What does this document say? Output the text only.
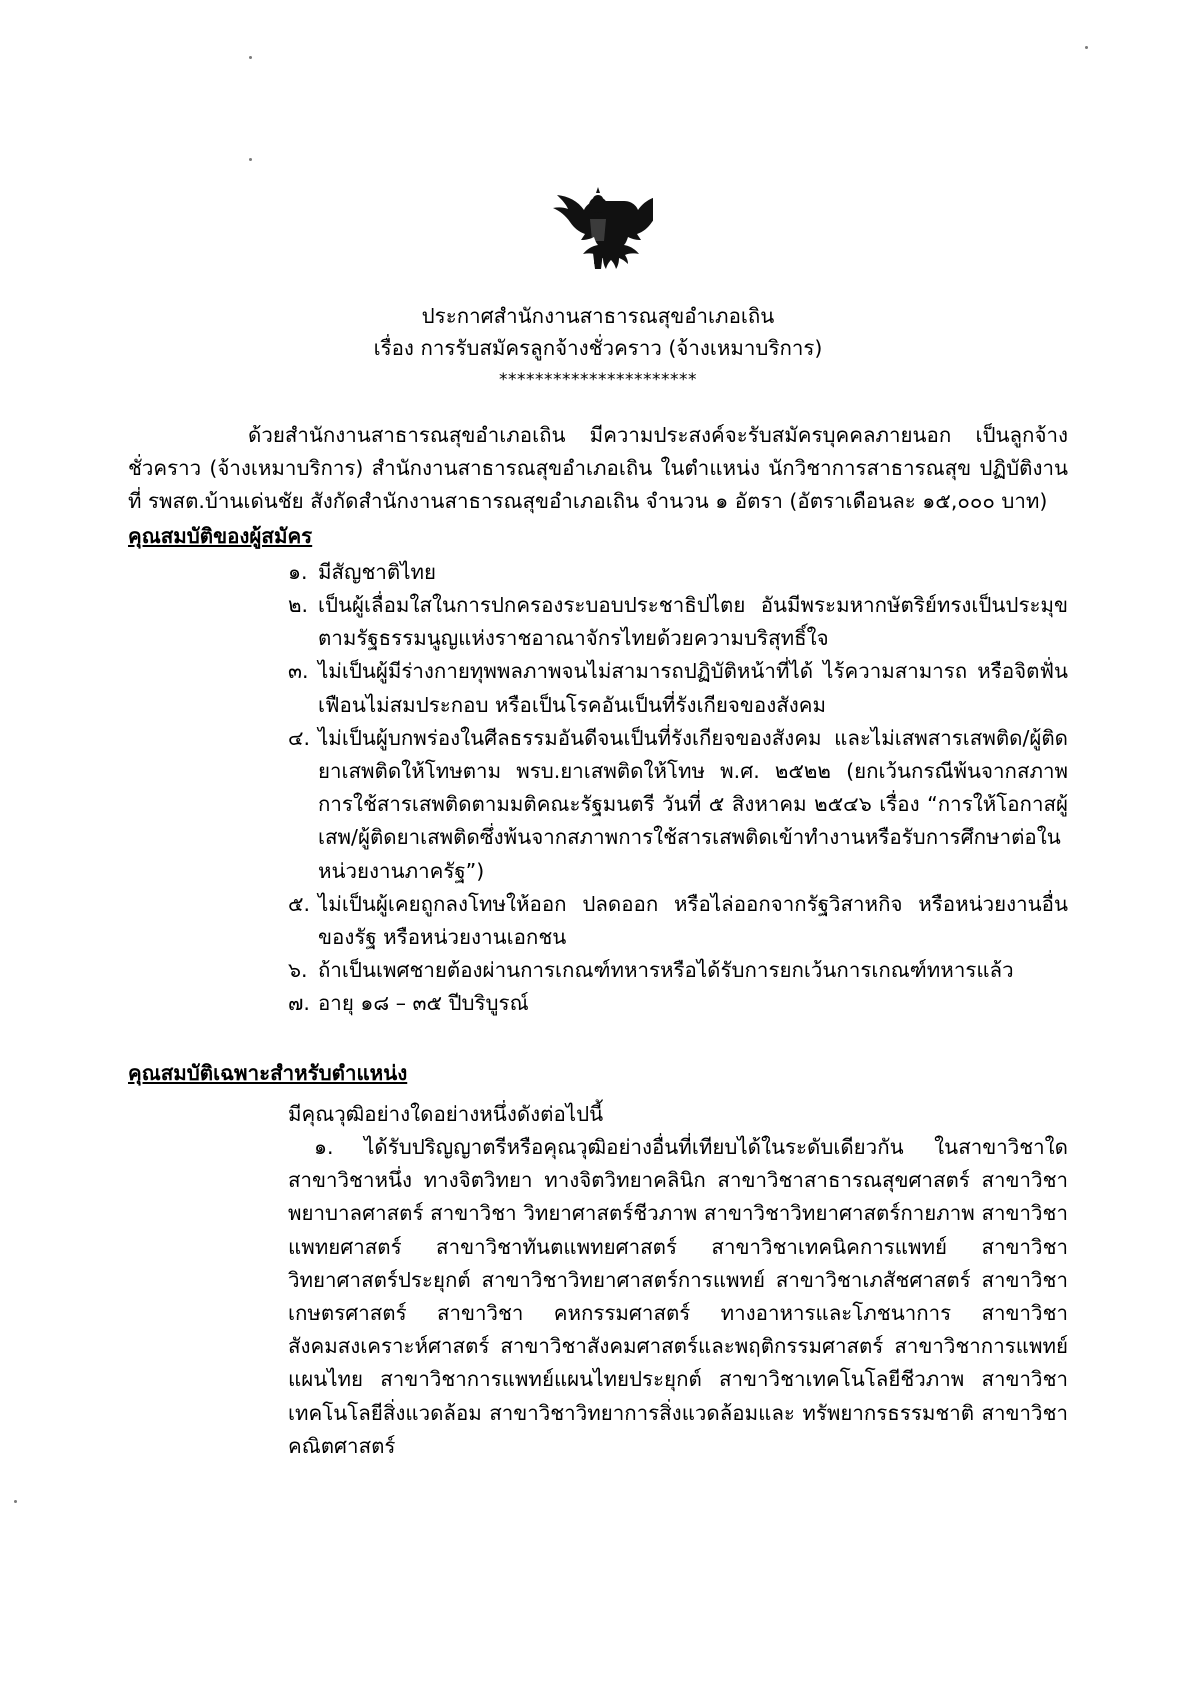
ประกาศสำนักงานสาธารณสุขอำเภอเถิน
เรื่อง การรับสมัครลูกจ้างชั่วคราว (จ้างเหมาบริการ)
**********************

ด้วยสำนักงานสาธารณสุขอำเภอเถิน มีความประสงค์จะรับสมัครบุคคลภายนอก เป็นลูกจ้างชั่วคราว (จ้างเหมาบริการ) สำนักงานสาธารณสุขอำเภอเถิน ในตำแหน่ง นักวิชาการสาธารณสุข ปฏิบัติงานที่ รพสต.บ้านเด่นชัย สังกัดสำนักงานสาธารณสุขอำเภอเถิน จำนวน ๑ อัตรา (อัตราเดือนละ ๑๕,๐๐๐ บาท)

คุณสมบัติของผู้สมัคร
๑. มีสัญชาติไทย
๒. เป็นผู้เลื่อมใสในการปกครองระบอบประชาธิปไตย อันมีพระมหากษัตริย์ทรงเป็นประมุขตามรัฐธรรมนูญแห่งราชอาณาจักรไทยด้วยความบริสุทธิ์ใจ
๓. ไม่เป็นผู้มีร่างกายทุพพลภาพจนไม่สามารถปฏิบัติหน้าที่ได้ ไร้ความสามารถ หรือจิตฟั่นเฟือนไม่สมประกอบ หรือเป็นโรคอันเป็นที่รังเกียจของสังคม
๔. ไม่เป็นผู้บกพร่องในศีลธรรมอันดีจนเป็นที่รังเกียจของสังคม และไม่เสพสารเสพติด/ผู้ติดยาเสพติดให้โทษตาม พรบ.ยาเสพติดให้โทษ พ.ศ. ๒๕๒๒ (ยกเว้นกรณีพ้นจากสภาพการใช้สารเสพติดตามมติคณะรัฐมนตรี วันที่ ๕ สิงหาคม ๒๕๔๖ เรื่อง “การให้โอกาสผู้เสพ/ผู้ติดยาเสพติดซึ่งพ้นจากสภาพการใช้สารเสพติดเข้าทำงานหรือรับการศึกษาต่อในหน่วยงานภาครัฐ”)
๕. ไม่เป็นผู้เคยถูกลงโทษให้ออก ปลดออก หรือไล่ออกจากรัฐวิสาหกิจ หรือหน่วยงานอื่นของรัฐ หรือหน่วยงานเอกชน
๖. ถ้าเป็นเพศชายต้องผ่านการเกณฑ์ทหารหรือได้รับการยกเว้นการเกณฑ์ทหารแล้ว
๗. อายุ ๑๘ – ๓๕ ปีบริบูรณ์
คุณสมบัติเฉพาะสำหรับตำแหน่ง

มีคุณวุฒิอย่างใดอย่างหนึ่งดังต่อไปนี้

๑. ได้รับปริญญาตรีหรือคุณวุฒิอย่างอื่นที่เทียบได้ในระดับเดียวกัน ในสาขาวิชาใดสาขาวิชาหนึ่ง ทางจิตวิทยา ทางจิตวิทยาคลินิก สาขาวิชาสาธารณสุขศาสตร์ สาขาวิชาพยาบาลศาสตร์ สาขาวิชา วิทยาศาสตร์ชีวภาพ สาขาวิชาวิทยาศาสตร์กายภาพ สาขาวิชาแพทยศาสตร์ สาขาวิชาทันตแพทยศาสตร์ สาขาวิชาเทคนิคการแพทย์ สาขาวิชาวิทยาศาสตร์ประยุกต์ สาขาวิชาวิทยาศาสตร์การแพทย์ สาขาวิชาเภสัชศาสตร์ สาขาวิชาเกษตรศาสตร์ สาขาวิชา คหกรรมศาสตร์ ทางอาหารและโภชนาการ สาขาวิชาสังคมสงเคราะห์ศาสตร์ สาขาวิชาสังคมศาสตร์และพฤติกรรมศาสตร์ สาขาวิชาการแพทย์แผนไทย สาขาวิชาการแพทย์แผนไทยประยุกต์ สาขาวิชาเทคโนโลยีชีวภาพ สาขาวิชาเทคโนโลยีสิ่งแวดล้อม สาขาวิชาวิทยาการสิ่งแวดล้อมและ ทรัพยากรธรรมชาติ สาขาวิชาคณิตศาสตร์
